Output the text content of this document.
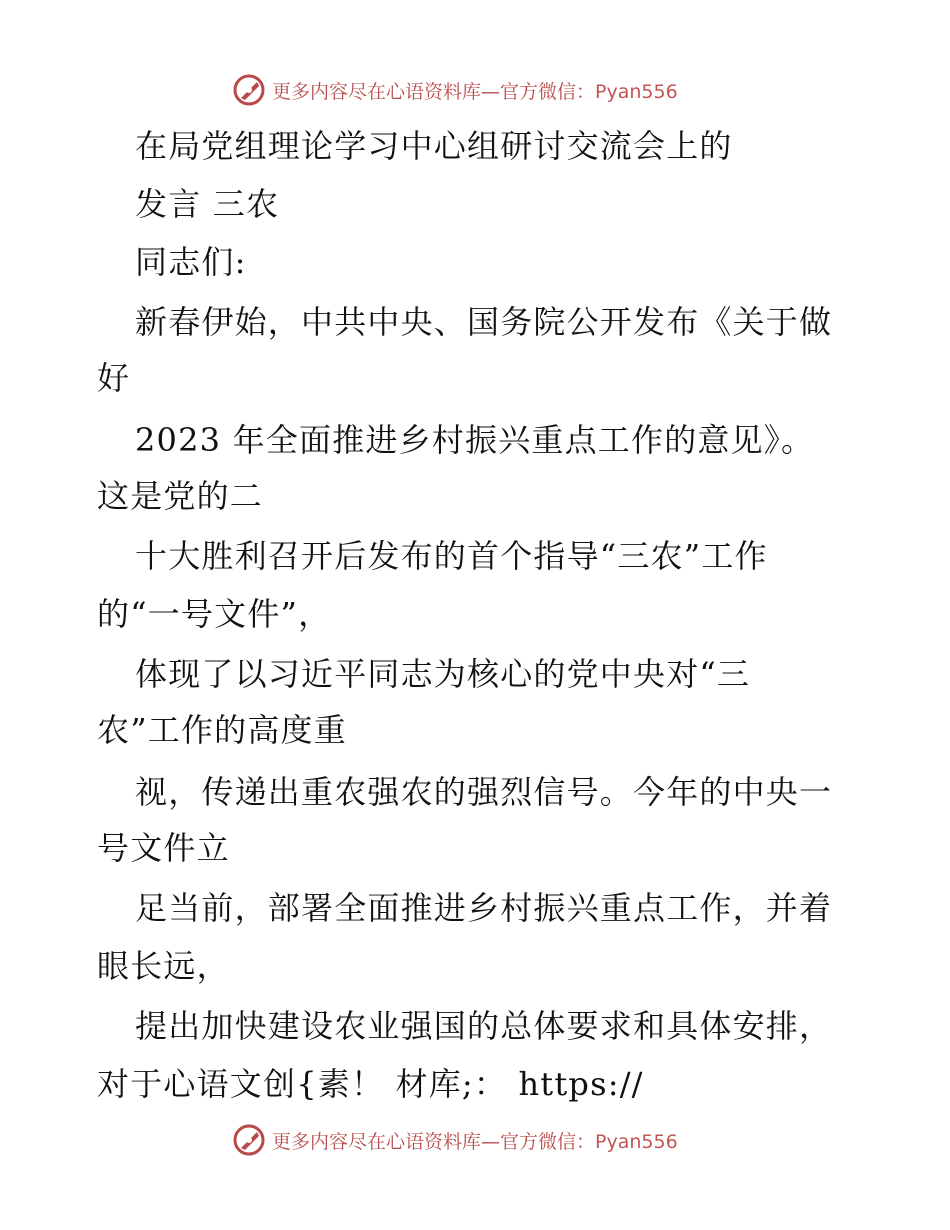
更多内容尽在心语资料库—官方微信：Pyan556
在局党组理论学习中心组研讨交流会上的
发言 三农
同志们:
新春伊始，中共中央、国务院公开发布《关于做
好
2023 年全面推进乡村振兴重点工作的意见》。
这是党的二
十大胜利召开后发布的首个指导“三农”工作
的“一号文件”，
体现了以习近平同志为核心的党中央对“三
农”工作的高度重
视，传递出重农强农的强烈信号。今年的中央一
号文件立
足当前，部署全面推进乡村振兴重点工作，并着
眼长远，
提出加快建设农业强国的总体要求和具体安排，
对于心语文创{素！ 材库;： https://
更多内容尽在心语资料库—官方微信：Pyan556
